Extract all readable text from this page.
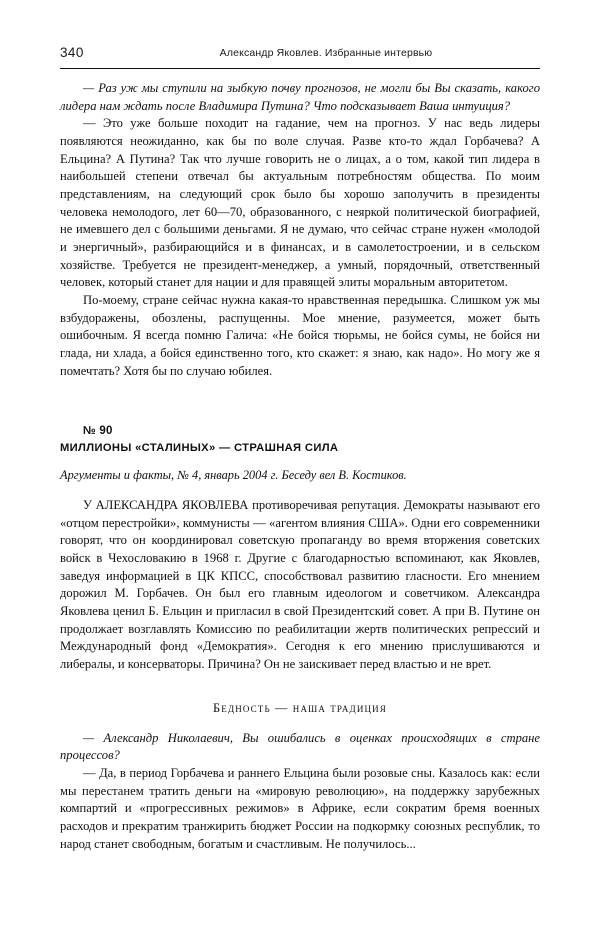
340	Александр Яковлев. Избранные интервью

— Раз уж мы ступили на зыбкую почву прогнозов, не могли бы Вы сказать, какого лидера нам ждать после Владимира Путина? Что подсказывает Ваша интуиция?

— Это уже больше походит на гадание, чем на прогноз. У нас ведь лидеры появляются неожиданно, как бы по воле случая. Разве кто-то ждал Горбачева? А Ельцина? А Путина? Так что лучше говорить не о лицах, а о том, какой тип лидера в наибольшей степени отвечал бы актуальным потребностям общества. По моим представлениям, на следующий срок было бы хорошо заполучить в президенты человека немолодого, лет 60—70, образованного, с неяркой политической биографией, не имевшего дел с большими деньгами. Я не думаю, что сейчас стране нужен «молодой и энергичный», разбирающийся и в финансах, и в самолетостроении, и в сельском хозяйстве. Требуется не президент-менеджер, а умный, порядочный, ответственный человек, который станет для нации и для правящей элиты моральным авторитетом.

По-моему, стране сейчас нужна какая-то нравственная передышка. Слишком уж мы взбудоражены, обозлены, распущенны. Мое мнение, разумеется, может быть ошибочным. Я всегда помню Галича: «Не бойся тюрьмы, не бойся сумы, не бойся ни глада, ни хлада, а бойся единственно того, кто скажет: я знаю, как надо». Но могу же я помечтать? Хотя бы по случаю юбилея.

№ 90
МИЛЛИОНЫ «СТАЛИНЫХ» — СТРАШНАЯ СИЛА
Аргументы и факты, № 4, январь 2004 г. Беседу вел В. Костиков.

У АЛЕКСАНДРА ЯКОВЛЕВА противоречивая репутация. Демократы называют его «отцом перестройки», коммунисты — «агентом влияния США». Одни его современники говорят, что он координировал советскую пропаганду во время вторжения советских войск в Чехословакию в 1968 г. Другие с благодарностью вспоминают, как Яковлев, заведуя информацией в ЦК КПСС, способствовал развитию гласности. Его мнением дорожил М. Горбачев. Он был его главным идеологом и советчиком. Александра Яковлева ценил Б. Ельцин и пригласил в свой Президентский совет. А при В. Путине он продолжает возглавлять Комиссию по реабилитации жертв политических репрессий и Международный фонд «Демократия». Сегодня к его мнению прислушиваются и либералы, и консерваторы. Причина? Он не заискивает перед властью и не врет.

Бедность — наша традиция

— Александр Николаевич, Вы ошибались в оценках происходящих в стране процессов?

— Да, в период Горбачева и раннего Ельцина были розовые сны. Казалось как: если мы перестанем тратить деньги на «мировую революцию», на поддержку зарубежных компартий и «прогрессивных режимов» в Африке, если сократим бремя военных расходов и прекратим транжирить бюджет России на подкормку союзных республик, то народ станет свободным, богатым и счастливым. Не получилось...
